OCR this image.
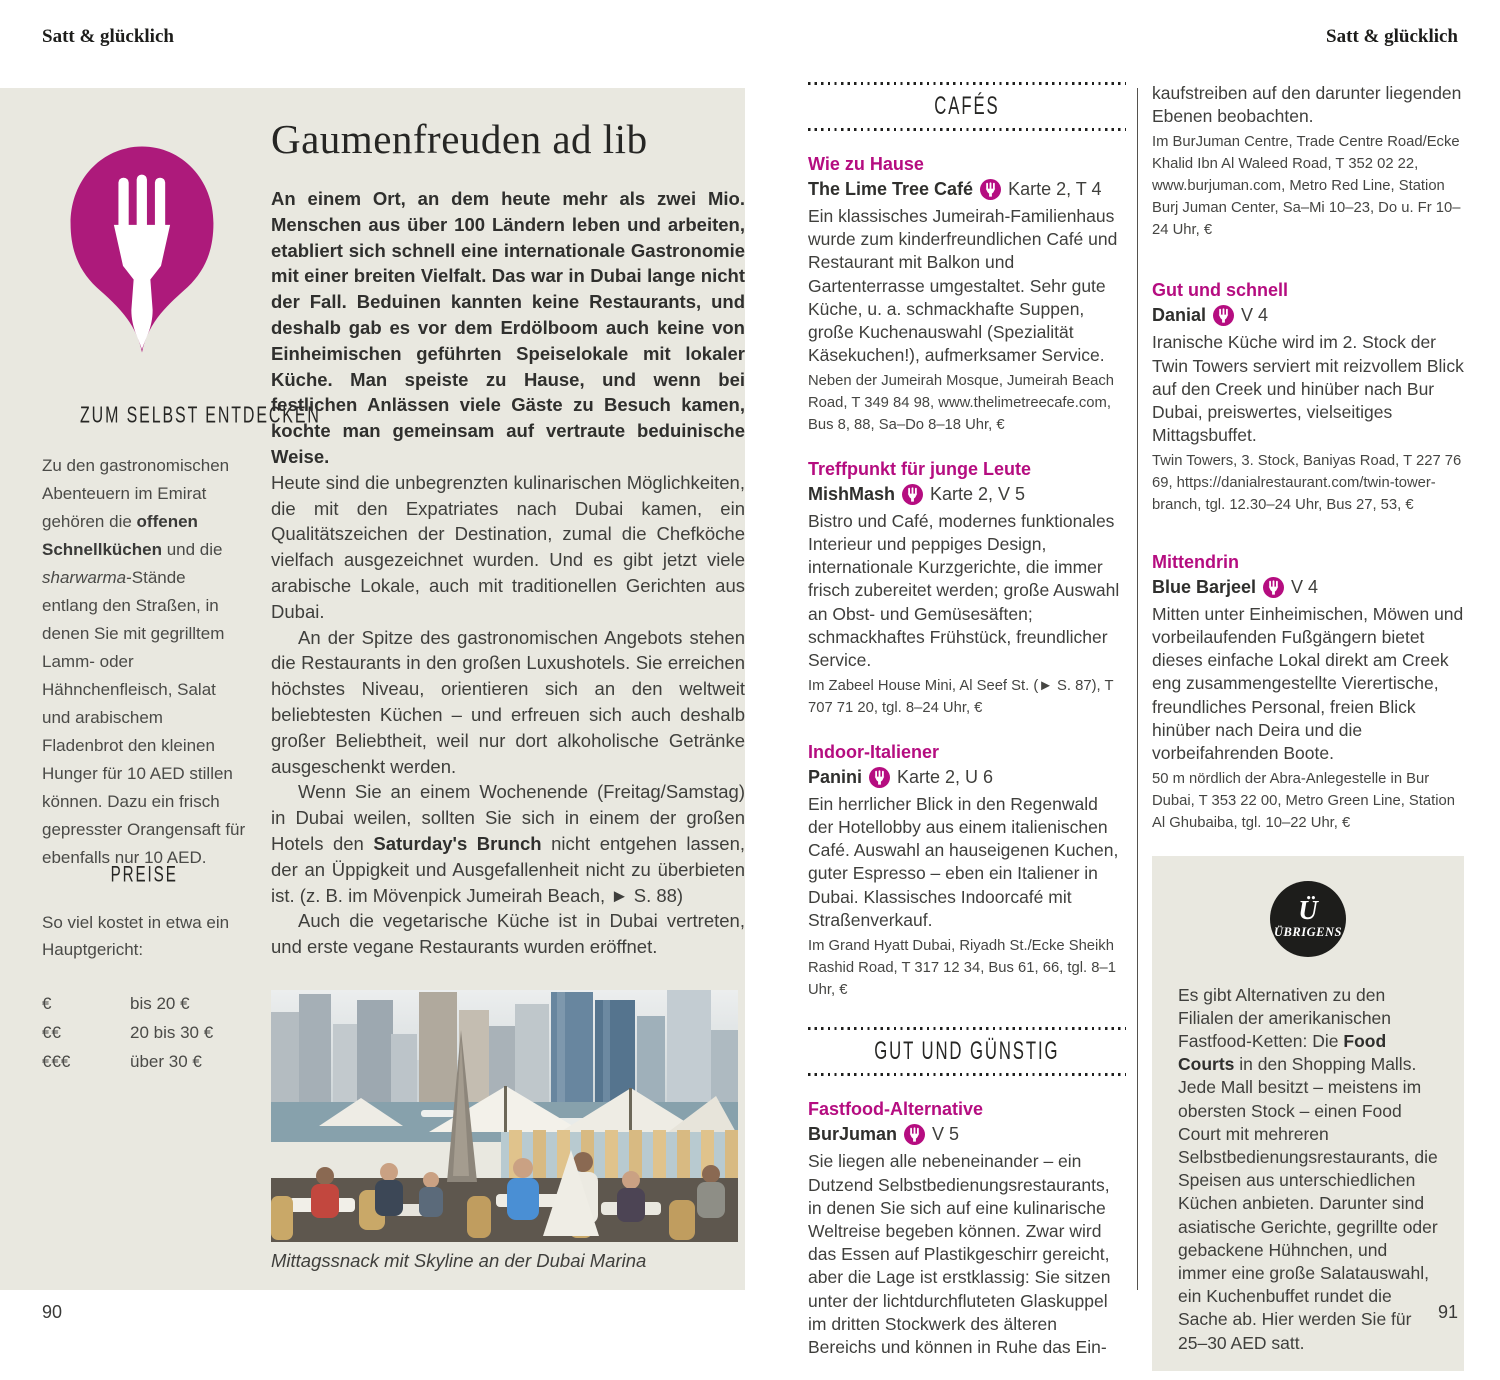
Satt & glücklich
ZUM SELBST ENTDECKEN
Zu den gastronomischen Abenteuern im Emirat gehören die offenen Schnellküchen und die sharwarma-Stände entlang den Straßen, in denen Sie mit gegrilltem Lamm- oder Hähnchenfleisch, Salat und arabischem Fladenbrot den kleinen Hunger für 10 AED stillen können. Dazu ein frisch gepresster Orangensaft für ebenfalls nur 10 AED.
PREISE
So viel kostet in etwa ein Hauptgericht:
€	bis 20 €
€€	20 bis 30 €
€€€	über 30 €
Gaumenfreuden ad lib
An einem Ort, an dem heute mehr als zwei Mio. Menschen aus über 100 Ländern leben und arbeiten, etabliert sich schnell eine internationale Gastronomie mit einer breiten Vielfalt. Das war in Dubai lange nicht der Fall. Beduinen kannten keine Restaurants, und deshalb gab es vor dem Erdölboom auch keine von Einheimischen geführten Speiselokale mit lokaler Küche. Man speiste zu Hause, und wenn bei festlichen Anlässen viele Gäste zu Besuch kamen, kochte man gemeinsam auf vertraute beduinische Weise.
Heute sind die unbegrenzten kulinarischen Möglichkeiten, die mit den Expatriates nach Dubai kamen, ein Qualitätszeichen der Destination, zumal die Chefköche vielfach ausgezeichnet wurden. Und es gibt jetzt viele arabische Lokale, auch mit traditionellen Gerichten aus Dubai.
An der Spitze des gastronomischen Angebots stehen die Restaurants in den großen Luxushotels. Sie erreichen höchstes Niveau, orientieren sich an den weltweit beliebtesten Küchen – und erfreuen sich auch deshalb großer Beliebtheit, weil nur dort alkoholische Getränke ausgeschenkt werden.
Wenn Sie an einem Wochenende (Freitag/Samstag) in Dubai weilen, sollten Sie sich in einem der großen Hotels den Saturday's Brunch nicht entgehen lassen, der an Üppigkeit und Ausgefallenheit nicht zu überbieten ist. (z. B. im Mövenpick Jumeirah Beach, ► S. 88)
Auch die vegetarische Küche ist in Dubai vertreten, und erste vegane Restaurants wurden eröffnet.
Mittagssnack mit Skyline an der Dubai Marina
90
Satt & glücklich
CAFÉS
Wie zu Hause
The Lime Tree Café Karte 2, T 4
Ein klassisches Jumeirah-Familienhaus wurde zum kinderfreundlichen Café und Restaurant mit Balkon und Gartenterrasse umgestaltet. Sehr gute Küche, u. a. schmackhafte Suppen, große Kuchenauswahl (Spezialität Käsekuchen!), aufmerksamer Service.
Neben der Jumeirah Mosque, Jumeirah Beach Road, T 349 84 98, www.thelimetreecafe.com, Bus 8, 88, Sa–Do 8–18 Uhr, €
Treffpunkt für junge Leute
MishMash Karte 2, V 5
Bistro und Café, modernes funktionales Interieur und peppiges Design, internationale Kurzgerichte, die immer frisch zubereitet werden; große Auswahl an Obst- und Gemüsesäften; schmackhaftes Frühstück, freundlicher Service.
Im Zabeel House Mini, Al Seef St. (► S. 87), T 707 71 20, tgl. 8–24 Uhr, €
Indoor-Italiener
Panini Karte 2, U 6
Ein herrlicher Blick in den Regenwald der Hotellobby aus einem italienischen Café. Auswahl an hauseigenen Kuchen, guter Espresso – eben ein Italiener in Dubai. Klassisches Indoorcafé mit Straßenverkauf.
Im Grand Hyatt Dubai, Riyadh St./Ecke Sheikh Rashid Road, T 317 12 34, Bus 61, 66, tgl. 8–1 Uhr, €
GUT UND GÜNSTIG
Fastfood-Alternative
BurJuman V 5
Sie liegen alle nebeneinander – ein Dutzend Selbstbedienungsrestaurants, in denen Sie sich auf eine kulinarische Weltreise begeben können. Zwar wird das Essen auf Plastikgeschirr gereicht, aber die Lage ist erstklassig: Sie sitzen unter der lichtdurchfluteten Glaskuppel im dritten Stockwerk des älteren Bereichs und können in Ruhe das Ein-
kaufstreiben auf den darunter liegenden Ebenen beobachten.
Im BurJuman Centre, Trade Centre Road/Ecke Khalid Ibn Al Waleed Road, T 352 02 22, www.burjuman.com, Metro Red Line, Station Burj Juman Center, Sa–Mi 10–23, Do u. Fr 10–24 Uhr, €
Gut und schnell
Danial V 4
Iranische Küche wird im 2. Stock der Twin Towers serviert mit reizvollem Blick auf den Creek und hinüber nach Bur Dubai, preiswertes, vielseitiges Mittagsbuffet.
Twin Towers, 3. Stock, Baniyas Road, T 227 76 69, https://danialrestaurant.com/twin-tower-branch, tgl. 12.30–24 Uhr, Bus 27, 53, €
Mittendrin
Blue Barjeel V 4
Mitten unter Einheimischen, Möwen und vorbeilaufenden Fußgängern bietet dieses einfache Lokal direkt am Creek eng zusammengestellte Vierertische, freundliches Personal, freien Blick hinüber nach Deira und die vorbeifahrenden Boote.
50 m nördlich der Abra-Anlegestelle in Bur Dubai, T 353 22 00, Metro Green Line, Station Al Ghubaiba, tgl. 10–22 Uhr, €
Ü
ÜBRIGENS
Es gibt Alternativen zu den Filialen der amerikanischen Fastfood-Ketten: Die Food Courts in den Shopping Malls. Jede Mall besitzt – meistens im obersten Stock – einen Food Court mit mehreren Selbstbedienungsrestaurants, die Speisen aus unterschiedlichen Küchen anbieten. Darunter sind asiatische Gerichte, gegrillte oder gebackene Hühnchen, und immer eine große Salatauswahl, ein Kuchenbuffet rundet die Sache ab. Hier werden Sie für 25–30 AED satt.
91
